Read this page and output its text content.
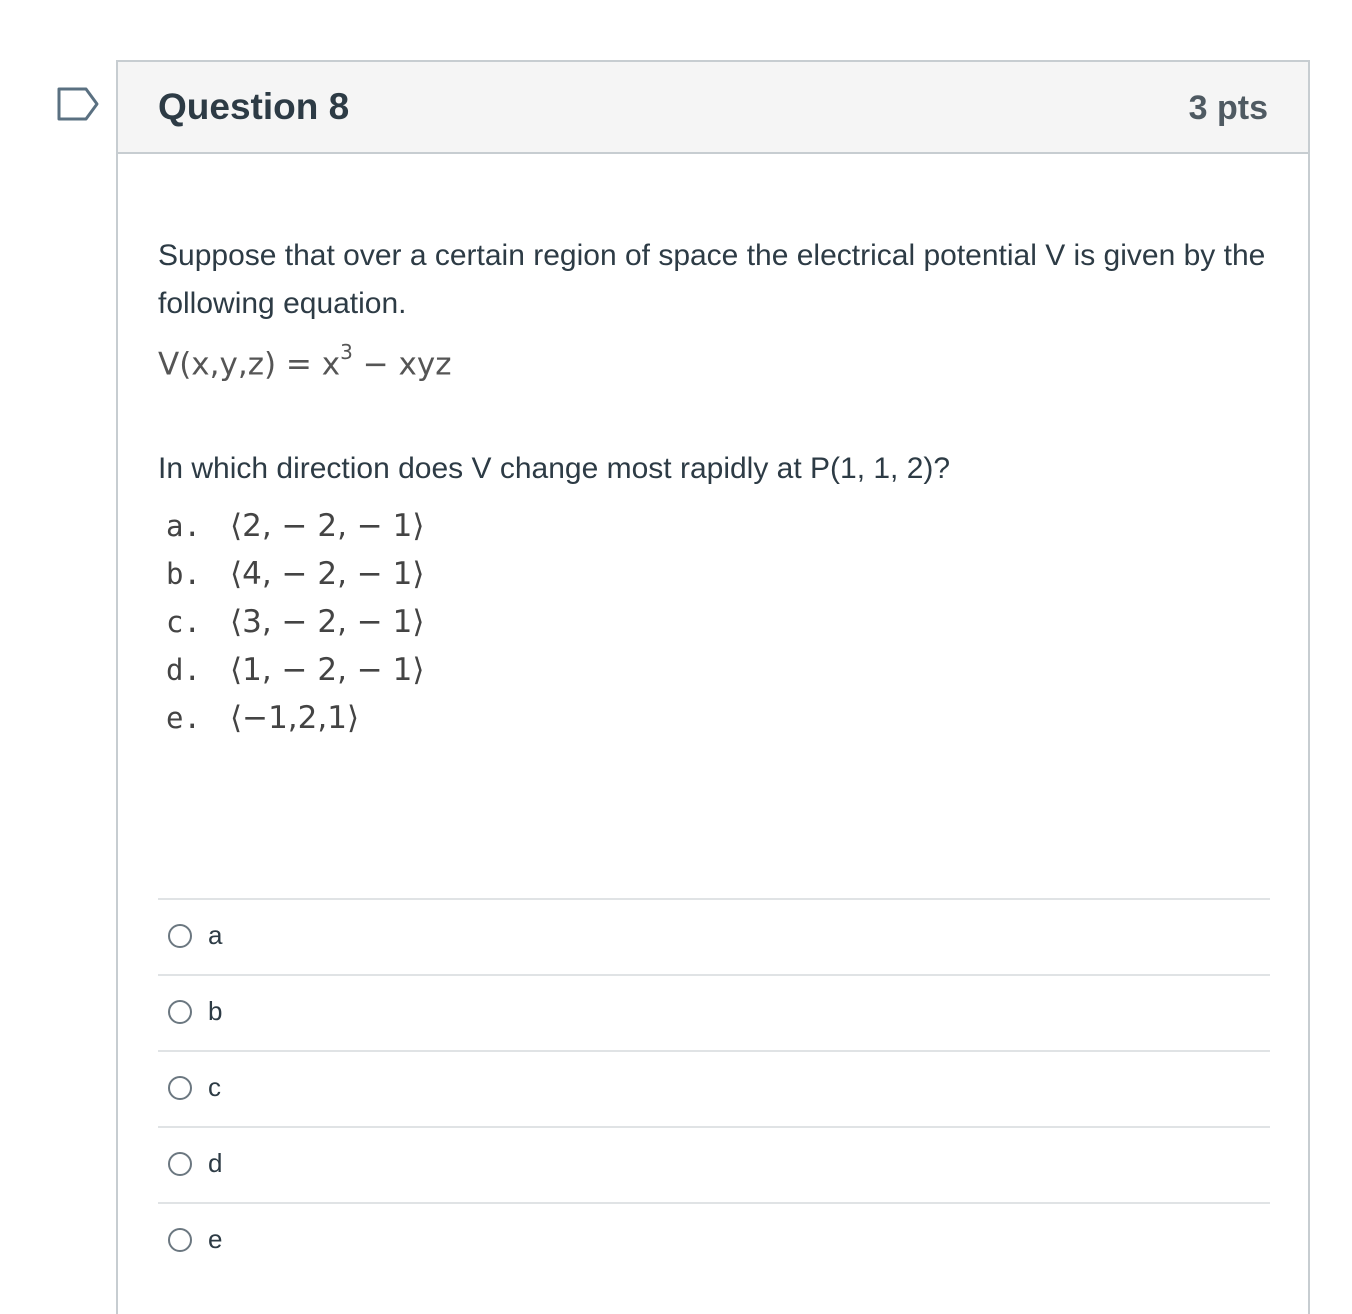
Question 8	3 pts

Suppose that over a certain region of space the electrical potential V is given by the following equation.

$V(x,y,z) = x^3$ − xyz
In which direction does V change most rapidly at P(1, 1, 2)?
a. ⟨2, − 2, − 1⟩
b. ⟨4, − 2, − 1⟩
c. ⟨3, − 2, − 1⟩
d. ⟨1, − 2, − 1⟩
e. ⟨−1,2,1⟩
a
b
c
d
e
